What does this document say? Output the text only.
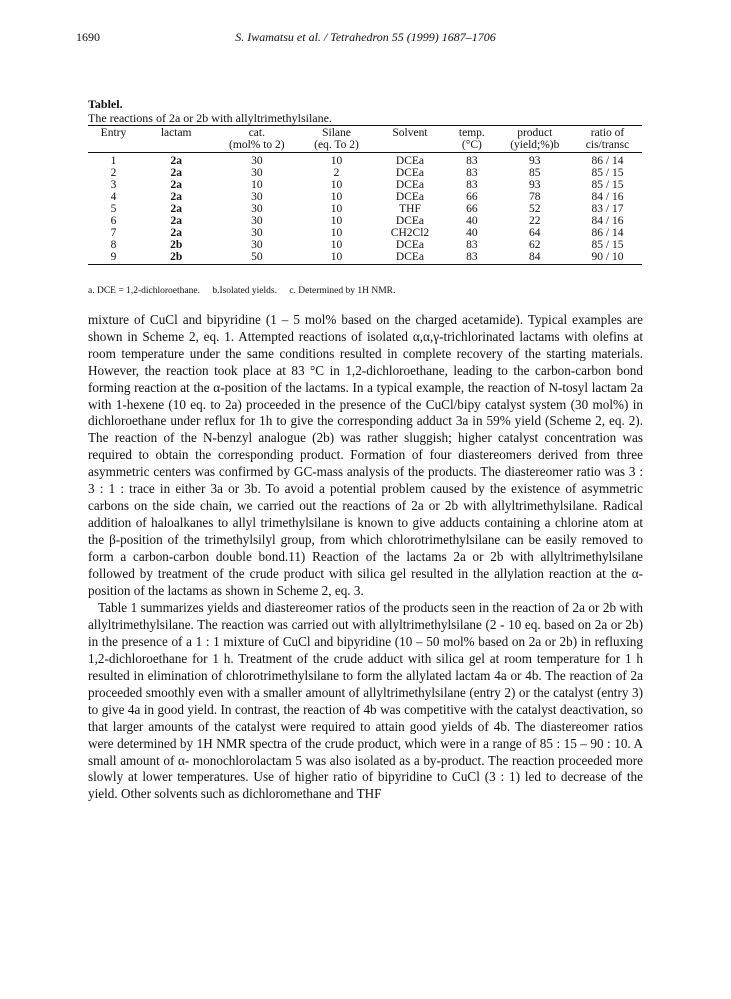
1690	S. Iwamatsu et al. / Tetrahedron 55 (1999) 1687–1706
Tablel.
The reactions of 2a or 2b with allyltrimethylsilane.
Entry	lactam	cat.	Silane	Solvent	temp.	product	ratio of
		(mol% to 2)	(eq. To 2)		(°C)	(yield;%)b	cis/transc
1	2a	30	10	DCEa	83	93	86 / 14
2	2a	30	2	DCEa	83	85	85 / 15
3	2a	10	10	DCEa	83	93	85 / 15
4	2a	30	10	DCEa	66	78	84 / 16
5	2a	30	10	THF	66	52	83 / 17
6	2a	30	10	DCEa	40	22	84 / 16
7	2a	30	10	CH2Cl2	40	64	86 / 14
8	2b	30	10	DCEa	83	62	85 / 15
9	2b	50	10	DCEa	83	84	90 / 10
a. DCE = 1,2-dichloroethane. b.Isolated yields. c. Determined by 1H NMR.

mixture of CuCl and bipyridine (1 – 5 mol% based on the charged acetamide). Typical examples are shown in Scheme 2, eq. 1. Attempted reactions of isolated α,α,γ-trichlorinated lactams with olefins at room temperature under the same conditions resulted in complete recovery of the starting materials. However, the reaction took place at 83 °C in 1,2-dichloroethane, leading to the carbon-carbon bond forming reaction at the α-position of the lactams. In a typical example, the reaction of N-tosyl lactam 2a with 1-hexene (10 eq. to 2a) proceeded in the presence of the CuCl/bipy catalyst system (30 mol%) in dichloroethane under reflux for 1h to give the corresponding adduct 3a in 59% yield (Scheme 2, eq. 2). The reaction of the N-benzyl analogue (2b) was rather sluggish; higher catalyst concentration was required to obtain the corresponding product. Formation of four diastereomers derived from three asymmetric centers was confirmed by GC-mass analysis of the products. The diastereomer ratio was 3 : 3 : 1 : trace in either 3a or 3b. To avoid a potential problem caused by the existence of asymmetric carbons on the side chain, we carried out the reactions of 2a or 2b with allyltrimethylsilane. Radical addition of haloalkanes to allyl trimethylsilane is known to give adducts containing a chlorine atom at the β-position of the trimethylsilyl group, from which chlorotrimethylsilane can be easily removed to form a carbon-carbon double bond.11) Reaction of the lactams 2a or 2b with allyltrimethylsilane followed by treatment of the crude product with silica gel resulted in the allylation reaction at the α-position of the lactams as shown in Scheme 2, eq. 3.

Table 1 summarizes yields and diastereomer ratios of the products seen in the reaction of 2a or 2b with allyltrimethylsilane. The reaction was carried out with allyltrimethylsilane (2 - 10 eq. based on 2a or 2b) in the presence of a 1 : 1 mixture of CuCl and bipyridine (10 – 50 mol% based on 2a or 2b) in refluxing 1,2-dichloroethane for 1 h. Treatment of the crude adduct with silica gel at room temperature for 1 h resulted in elimination of chlorotrimethylsilane to form the allylated lactam 4a or 4b. The reaction of 2a proceeded smoothly even with a smaller amount of allyltrimethylsilane (entry 2) or the catalyst (entry 3) to give 4a in good yield. In contrast, the reaction of 4b was competitive with the catalyst deactivation, so that larger amounts of the catalyst were required to attain good yields of 4b. The diastereomer ratios were determined by 1H NMR spectra of the crude product, which were in a range of 85 : 15 – 90 : 10. A small amount of α- monochlorolactam 5 was also isolated as a by-product. The reaction proceeded more slowly at lower temperatures. Use of higher ratio of bipyridine to CuCl (3 : 1) led to decrease of the yield. Other solvents such as dichloromethane and THF
